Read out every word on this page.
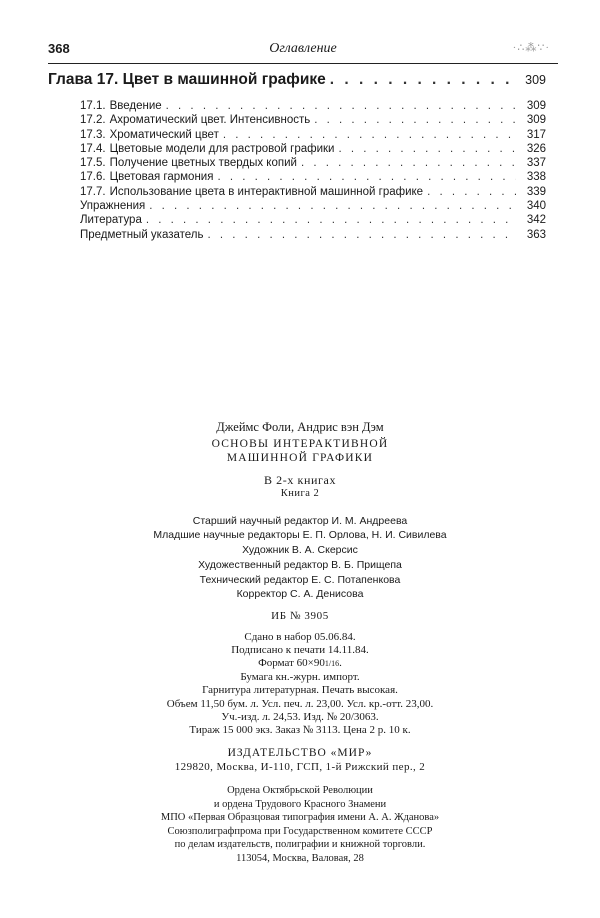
368	Оглавление	·∴⁂∵·
Глава 17. Цвет в машинной графике . . .	309
17.1. Введение . . .	309
17.2. Ахроматический цвет. Интенсивность . . .	309
17.3. Хроматический цвет . . .	317
17.4. Цветовые модели для растровой графики . . .	326
17.5. Получение цветных твердых копий . . .	337
17.6. Цветовая гармония . . .	338
17.7. Использование цвета в интерактивной машинной графике . . .	339
Упражнения . . .	340
Литература . . .	342
Предметный указатель . . .	363
Джеймс Фоли, Андрис вэн Дэм
ОСНОВЫ ИНТЕРАКТИВНОЙ
МАШИННОЙ ГРАФИКИ
В 2-х книгах
Книга 2
Старший научный редактор И. М. Андреева
Младшие научные редакторы Е. П. Орлова, Н. И. Сивилева
Художник В. А. Скерсис
Художественный редактор В. Б. Прищепа
Технический редактор Е. С. Потапенкова
Корректор С. А. Денисова
ИБ № 3905
Сдано в набор 05.06.84.
Подписано к печати 14.11.84.
Формат 60×901/16.
Бумага кн.-журн. импорт.
Гарнитура литературная. Печать высокая.
Объем 11,50 бум. л. Усл. печ. л. 23,00. Усл. кр.-отт. 23,00.
Уч.-изд. л. 24,53. Изд. № 20/3063.
Тираж 15 000 экз. Заказ № 3113. Цена 2 р. 10 к.
ИЗДАТЕЛЬСТВО «МИР»
129820, Москва, И-110, ГСП, 1-й Рижский пер., 2
Ордена Октябрьской Революции
и ордена Трудового Красного Знамени
МПО «Первая Образцовая типография имени А. А. Жданова»
Союзполиграфпрома при Государственном комитете СССР
по делам издательств, полиграфии и книжной торговли.
113054, Москва, Валовая, 28
